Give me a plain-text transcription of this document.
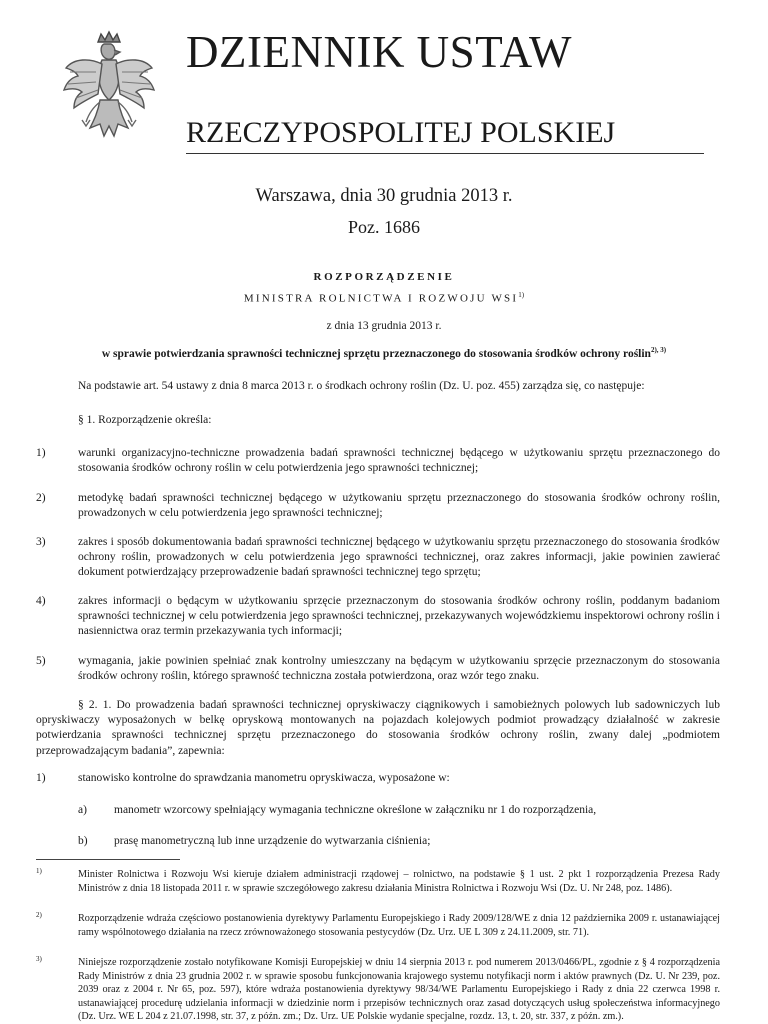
DZIENNIK USTAW
RZECZYPOSPOLITEJ POLSKIEJ
Warszawa, dnia 30 grudnia 2013 r.
Poz. 1686
ROZPORZĄDZENIE
MINISTRA ROLNICTWA I ROZWOJU WSI$^{1)}$
z dnia 13 grudnia 2013 r.
w sprawie potwierdzania sprawności technicznej sprzętu przeznaczonego do stosowania środków ochrony roślin$^{2), 3)}$
Na podstawie art. 54 ustawy z dnia 8 marca 2013 r. o środkach ochrony roślin (Dz. U. poz. 455) zarządza się, co następuje:
§ 1. Rozporządzenie określa:
1)	warunki organizacyjno-techniczne prowadzenia badań sprawności technicznej będącego w użytkowaniu sprzętu przeznaczonego do stosowania środków ochrony roślin w celu potwierdzenia jego sprawności technicznej;
2)	metodykę badań sprawności technicznej będącego w użytkowaniu sprzętu przeznaczonego do stosowania środków ochrony roślin, prowadzonych w celu potwierdzenia jego sprawności technicznej;
3)	zakres i sposób dokumentowania badań sprawności technicznej będącego w użytkowaniu sprzętu przeznaczonego do stosowania środków ochrony roślin, prowadzonych w celu potwierdzenia jego sprawności technicznej, oraz zakres informacji, jakie powinien zawierać dokument potwierdzający przeprowadzenie badań sprawności technicznej tego sprzętu;
4)	zakres informacji o będącym w użytkowaniu sprzęcie przeznaczonym do stosowania środków ochrony roślin, poddanym badaniom sprawności technicznej w celu potwierdzenia jego sprawności technicznej, przekazywanych wojewódzkiemu inspektorowi ochrony roślin i nasiennictwa oraz termin przekazywania tych informacji;
5)	wymagania, jakie powinien spełniać znak kontrolny umieszczany na będącym w użytkowaniu sprzęcie przeznaczonym do stosowania środków ochrony roślin, którego sprawność techniczna została potwierdzona, oraz wzór tego znaku.
§ 2. 1. Do prowadzenia badań sprawności technicznej opryskiwaczy ciągnikowych i samobieżnych polowych lub sadowniczych lub opryskiwaczy wyposażonych w belkę opryskową montowanych na pojazdach kolejowych podmiot prowadzący działalność w zakresie potwierdzania sprawności technicznej sprzętu przeznaczonego do stosowania środków ochrony roślin, zwany dalej „podmiotem przeprowadzającym badania”, zapewnia:
1)	stanowisko kontrolne do sprawdzania manometru opryskiwacza, wyposażone w:
a) manometr wzorcowy spełniający wymagania techniczne określone w załączniku nr 1 do rozporządzenia,
b) prasę manometryczną lub inne urządzenie do wytwarzania ciśnienia;
1)	Minister Rolnictwa i Rozwoju Wsi kieruje działem administracji rządowej – rolnictwo, na podstawie § 1 ust. 2 pkt 1 rozporządzenia Prezesa Rady Ministrów z dnia 18 listopada 2011 r. w sprawie szczegółowego zakresu działania Ministra Rolnictwa i Rozwoju Wsi (Dz. U. Nr 248, poz. 1486).
2)	Rozporządzenie wdraża częściowo postanowienia dyrektywy Parlamentu Europejskiego i Rady 2009/128/WE z dnia 12 października 2009 r. ustanawiającej ramy wspólnotowego działania na rzecz zrównoważonego stosowania pestycydów (Dz. Urz. UE L 309 z 24.11.2009, str. 71).
3)	Niniejsze rozporządzenie zostało notyfikowane Komisji Europejskiej w dniu 14 sierpnia 2013 r. pod numerem 2013/0466/PL, zgodnie z § 4 rozporządzenia Rady Ministrów z dnia 23 grudnia 2002 r. w sprawie sposobu funkcjonowania krajowego systemu notyfikacji norm i aktów prawnych (Dz. U. Nr 239, poz. 2039 oraz z 2004 r. Nr 65, poz. 597), które wdraża postanowienia dyrektywy 98/34/WE Parlamentu Europejskiego i Rady z dnia 22 czerwca 1998 r. ustanawiającej procedurę udzielania informacji w dziedzinie norm i przepisów technicznych oraz zasad dotyczących usług społeczeństwa informacyjnego (Dz. Urz. WE L 204 z 21.07.1998, str. 37, z późn. zm.; Dz. Urz. UE Polskie wydanie specjalne, rozdz. 13, t. 20, str. 337, z późn. zm.).
